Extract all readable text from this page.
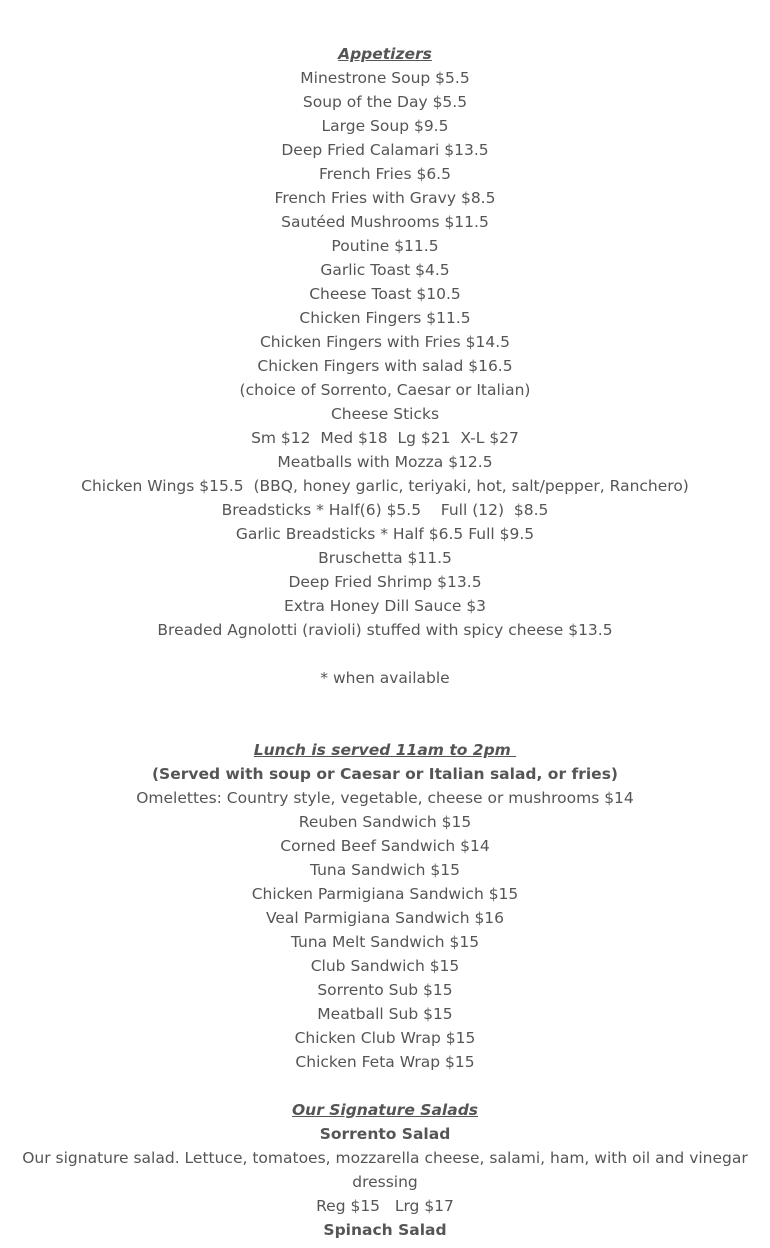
Appetizers
Minestrone Soup $5.5
Soup of the Day $5.5
Large Soup $9.5
Deep Fried Calamari $13.5
French Fries $6.5
French Fries with Gravy $8.5
Sautéed Mushrooms $11.5
Poutine $11.5
Garlic Toast $4.5
Cheese Toast $10.5
Chicken Fingers $11.5
Chicken Fingers with Fries $14.5
Chicken Fingers with salad $16.5
(choice of Sorrento, Caesar or Italian)
Cheese Sticks
Sm $12  Med $18  Lg $21  X-L $27
Meatballs with Mozza $12.5
Chicken Wings $15.5  (BBQ, honey garlic, teriyaki, hot, salt/pepper, Ranchero)
Breadsticks * Half(6) $5.5    Full (12)  $8.5
Garlic Breadsticks * Half $6.5 Full $9.5
Bruschetta $11.5
Deep Fried Shrimp $13.5
Extra Honey Dill Sauce $3
Breaded Agnolotti (ravioli) stuffed with spicy cheese $13.5
* when available
Lunch is served 11am to 2pm
(Served with soup or Caesar or Italian salad, or fries)
Omelettes: Country style, vegetable, cheese or mushrooms $14
Reuben Sandwich $15
Corned Beef Sandwich $14
Tuna Sandwich $15
Chicken Parmigiana Sandwich $15
Veal Parmigiana Sandwich $16
Tuna Melt Sandwich $15
Club Sandwich $15
Sorrento Sub $15
Meatball Sub $15
Chicken Club Wrap $15
Chicken Feta Wrap $15
Our Signature Salads
Sorrento Salad
Our signature salad. Lettuce, tomatoes, mozzarella cheese, salami, ham, with oil and vinegar dressing
Reg $15   Lrg $17
Spinach Salad
